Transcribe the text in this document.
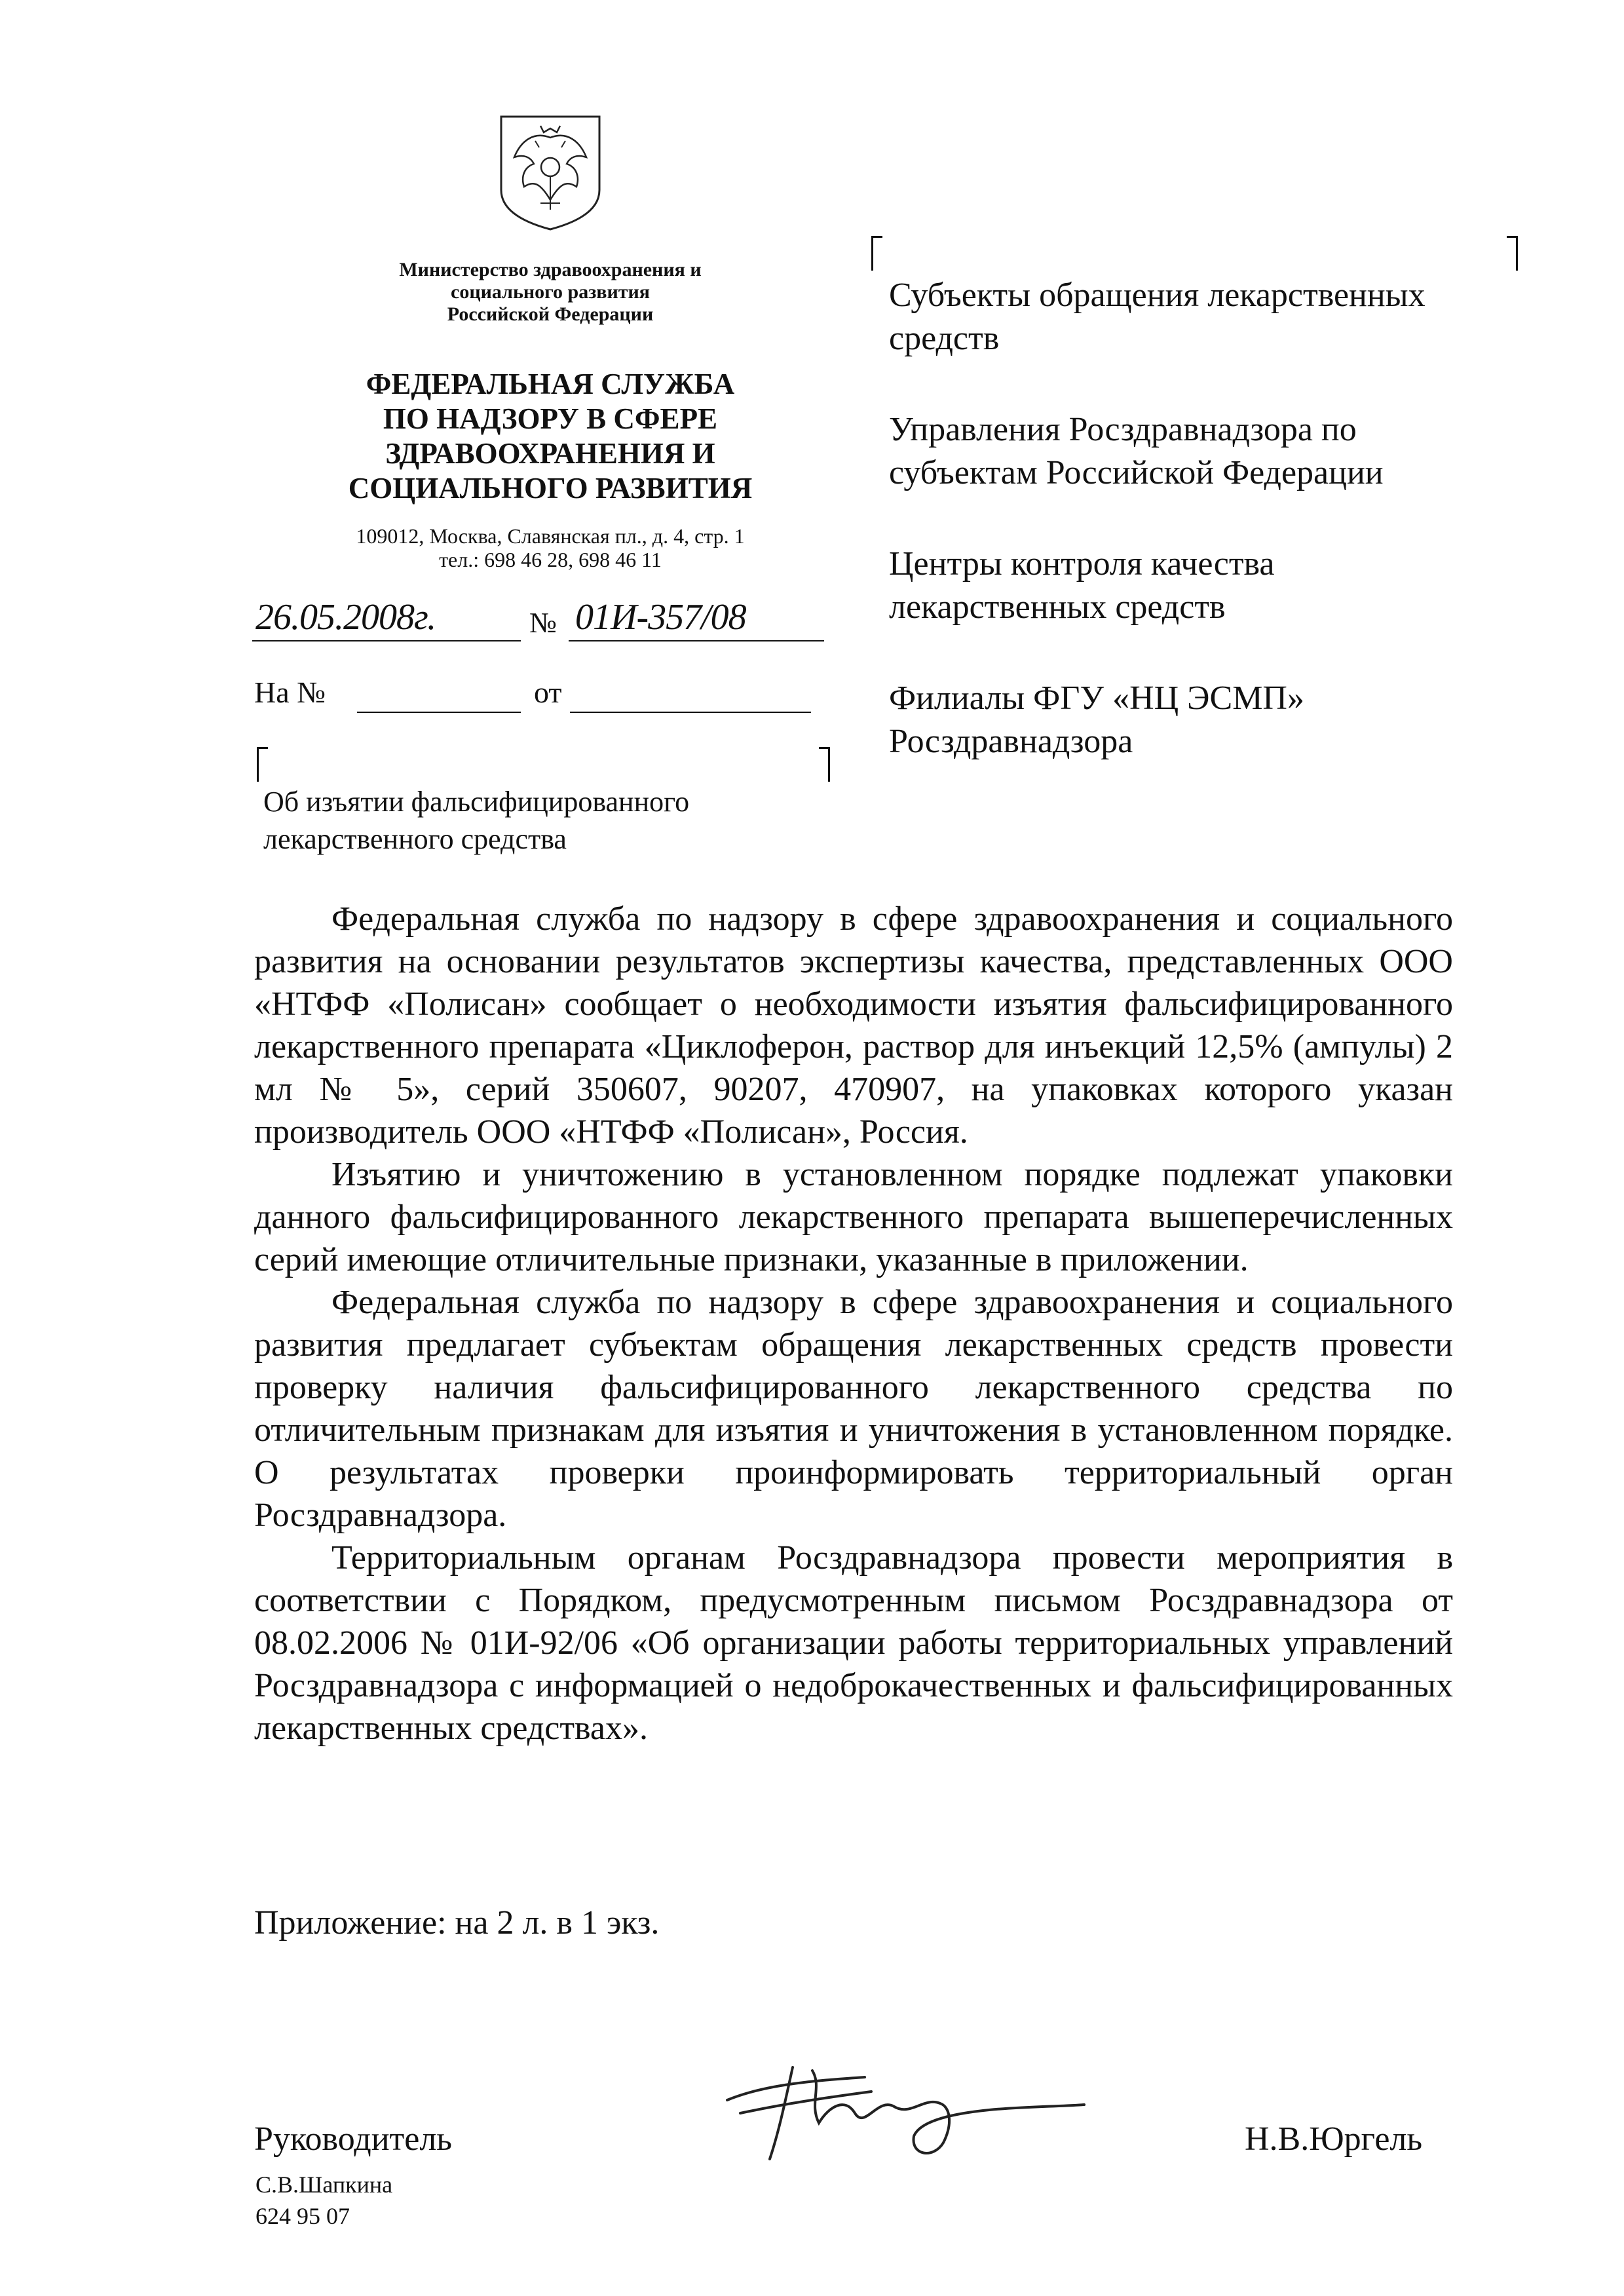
Министерство здравоохранения и
социального развития
Российской Федерации
ФЕДЕРАЛЬНАЯ СЛУЖБА
ПО НАДЗОРУ В СФЕРЕ
ЗДРАВООХРАНЕНИЯ И
СОЦИАЛЬНОГО РАЗВИТИЯ
109012, Москва, Славянская пл., д. 4, стр. 1
тел.: 698 46 28, 698 46 11
26.05.2008г.	№ 01И-357/08
На №	от
Об изъятии фальсифицированного
лекарственного средства
Субъекты обращения лекарственных
средств
Управления Росздравнадзора по
субъектам Российской Федерации
Центры контроля качества
лекарственных средств
Филиалы ФГУ «НЦ ЭСМП»
Росздравнадзора

Федеральная служба по надзору в сфере здравоохранения и социального развития на основании результатов экспертизы качества, представленных ООО «НТФФ «Полисан» сообщает о необходимости изъятия фальсифицированного лекарственного препарата «Циклоферон, раствор для инъекций 12,5% (ампулы) 2 мл № 5», серий 350607, 90207, 470907, на упаковках которого указан производитель ООО «НТФФ «Полисан», Россия.

Изъятию и уничтожению в установленном порядке подлежат упаковки данного фальсифицированного лекарственного препарата вышеперечисленных серий имеющие отличительные признаки, указанные в приложении.

Федеральная служба по надзору в сфере здравоохранения и социального развития предлагает субъектам обращения лекарственных средств провести проверку наличия фальсифицированного лекарственного средства по отличительным признакам для изъятия и уничтожения в установленном порядке. О результатах проверки проинформировать территориальный орган Росздравнадзора.

Территориальным органам Росздравнадзора провести мероприятия в соответствии с Порядком, предусмотренным письмом Росздравнадзора от 08.02.2006 № 01И-92/06 «Об организации работы территориальных управлений Росздравнадзора с информацией о недоброкачественных и фальсифицированных лекарственных средствах».

Приложение: на 2 л. в 1 экз.
Руководитель	Н.В.Юргель
С.В.Шапкина
624 95 07
